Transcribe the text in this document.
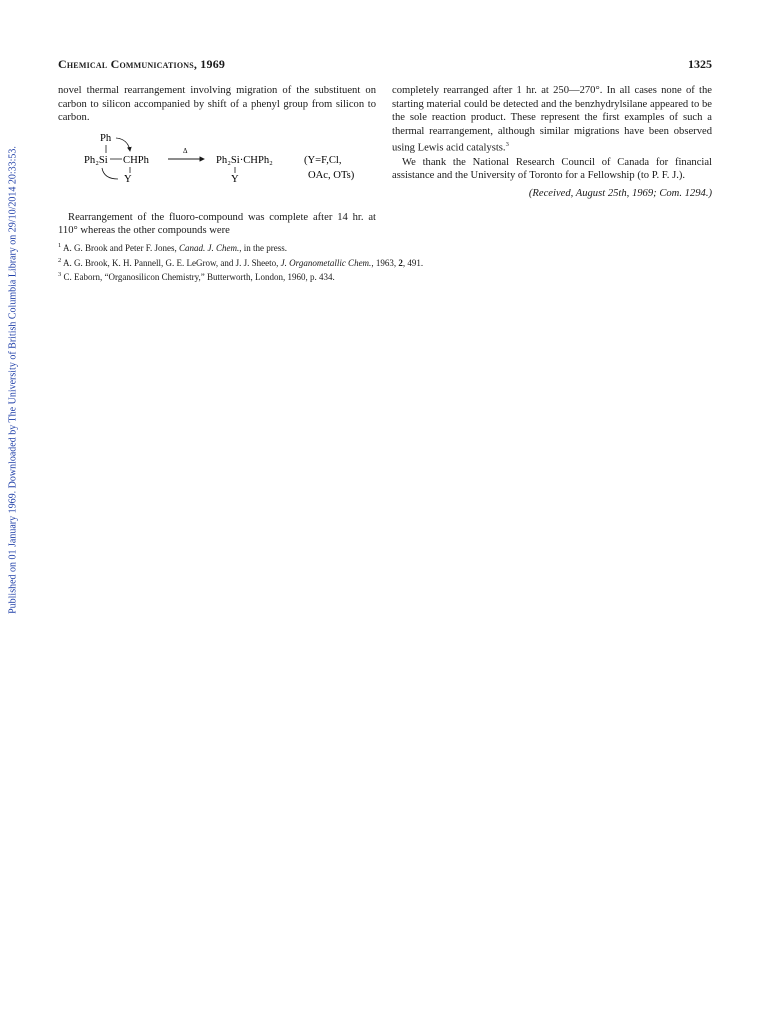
Published on 01 January 1969. Downloaded by The University of British Columbia Library on 29/10/2014 20:33:53.
Chemical Communications, 1969	1325

novel thermal rearrangement involving migration of the substituent on carbon to silicon accompanied by shift of a phenyl group from silicon to carbon.

Ph
Ph₂Si CHPh
Y
Δ
Ph₂Si·CHPh₂
Y
(Y=F,Cl,
OAc, OTs)

Rearrangement of the fluoro-compound was complete after 14 hr. at 110° whereas the other compounds were

completely rearranged after 1 hr. at 250—270°. In all cases none of the starting material could be detected and the benzhydrylsilane appeared to be the sole reaction product. These represent the first examples of such a thermal rearrangement, although similar migrations have been observed using Lewis acid catalysts.$^3$

We thank the National Research Council of Canada for financial assistance and the University of Toronto for a Fellowship (to P. F. J.).

(Received, August 25th, 1969; Com. 1294.)

$^1$ A. G. Brook and Peter F. Jones, Canad. J. Chem., in the press.
$^2$ A. G. Brook, K. H. Pannell, G. E. LeGrow, and J. J. Sheeto, J. Organometallic Chem., 1963, 2, 491.
$^3$ C. Eaborn, “Organosilicon Chemistry,” Butterworth, London, 1960, p. 434.
